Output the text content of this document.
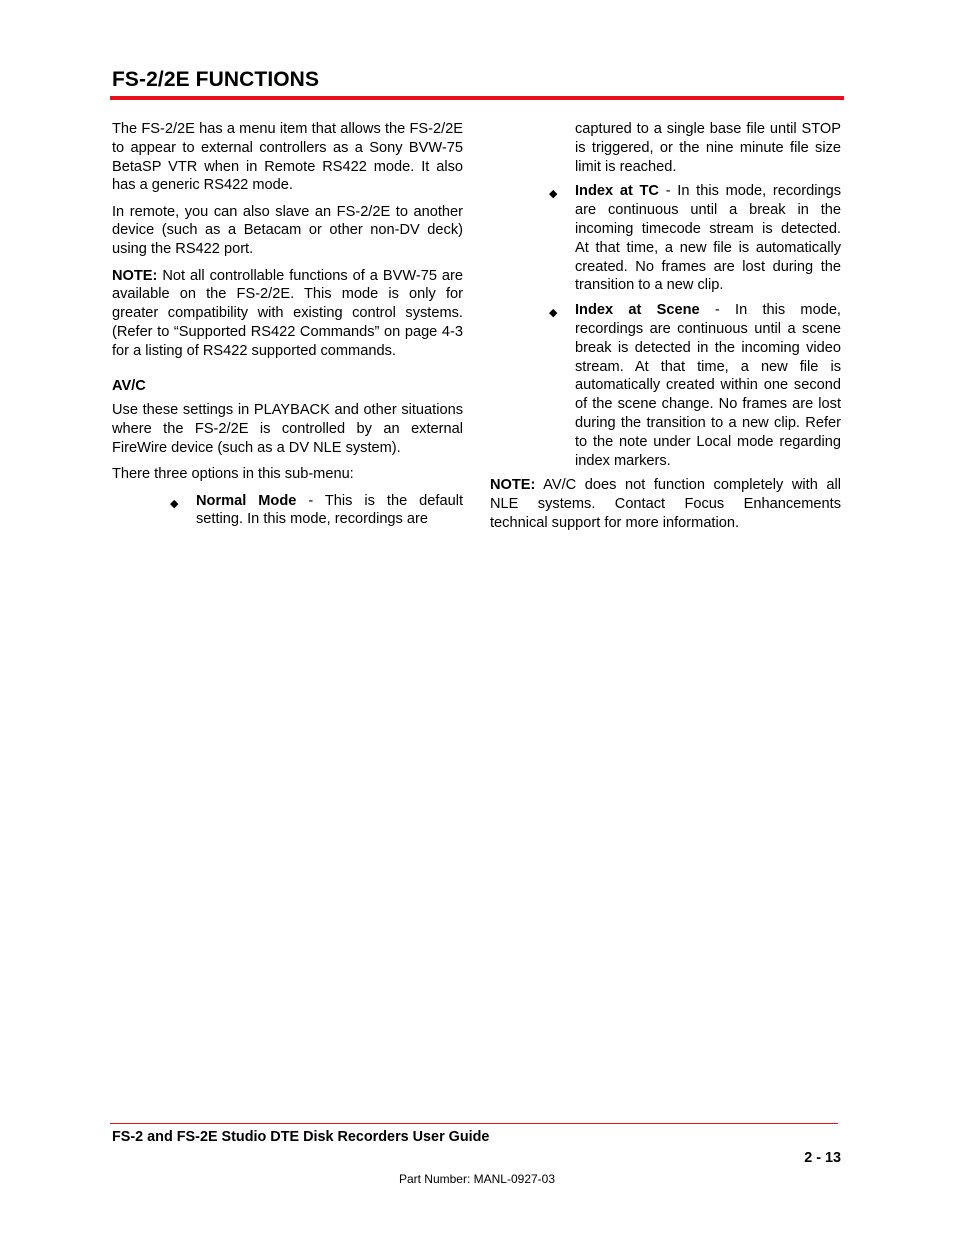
FS-2/2E FUNCTIONS

The FS-2/2E has a menu item that allows the FS-2/2E to appear to external controllers as a Sony BVW-75 BetaSP VTR when in Remote RS422 mode. It also has a generic RS422 mode.

In remote, you can also slave an FS-2/2E to another device (such as a Betacam or other non-DV deck) using the RS422 port.

NOTE: Not all controllable functions of a BVW-75 are available on the FS-2/2E. This mode is only for greater compatibility with existing control systems. (Refer to “Supported RS422 Commands” on page 4-3 for a listing of RS422 supported commands.

AV/C

Use these settings in PLAYBACK and other situations where the FS-2/2E is controlled by an external FireWire device (such as a DV NLE system).

There three options in this sub-menu:

◆ Normal Mode - This is the default setting. In this mode, recordings are

captured to a single base file until STOP is triggered, or the nine minute file size limit is reached.

◆ Index at TC - In this mode, recordings are continuous until a break in the incoming timecode stream is detected. At that time, a new file is automatically created. No frames are lost during the transition to a new clip.
◆ Index at Scene - In this mode, recordings are continuous until a scene break is detected in the incoming video stream. At that time, a new file is automatically created within one second of the scene change. No frames are lost during the transition to a new clip. Refer to the note under Local mode regarding index markers.

NOTE: AV/C does not function completely with all NLE systems. Contact Focus Enhancements technical support for more information.

FS-2 and FS-2E Studio DTE Disk Recorders User Guide
2 - 13
Part Number: MANL-0927-03
